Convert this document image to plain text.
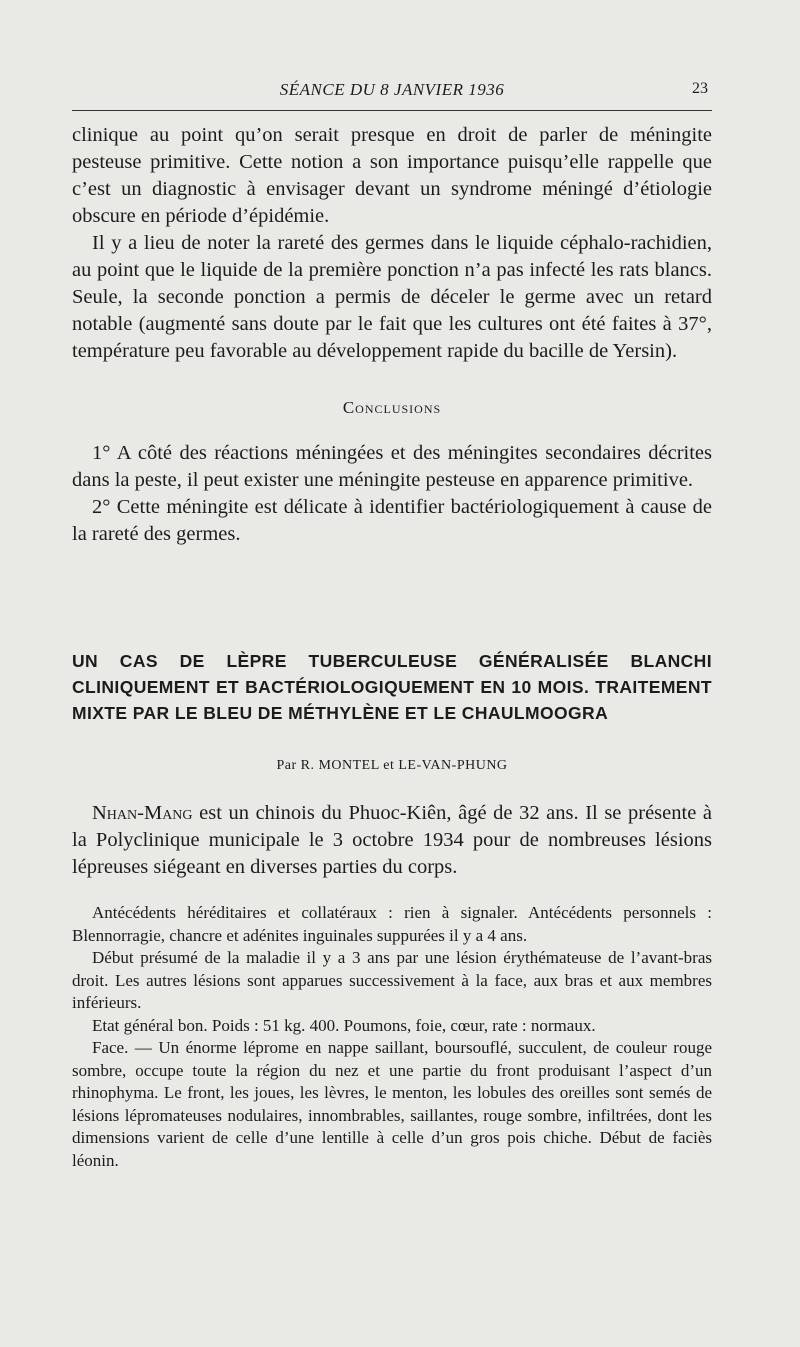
SÉANCE DU 8 JANVIER 1936	23

clinique au point qu’on serait presque en droit de parler de méningite pesteuse primitive. Cette notion a son importance puisqu’elle rappelle que c’est un diagnostic à envisager devant un syndrome méningé d’étiologie obscure en période d’épidémie.

Il y a lieu de noter la rareté des germes dans le liquide céphalo-rachidien, au point que le liquide de la première ponction n’a pas infecté les rats blancs. Seule, la seconde ponction a permis de déceler le germe avec un retard notable (augmenté sans doute par le fait que les cultures ont été faites à 37°, température peu favorable au développement rapide du bacille de Yersin).

Conclusions

1° A côté des réactions méningées et des méningites secondaires décrites dans la peste, il peut exister une méningite pesteuse en apparence primitive.

2° Cette méningite est délicate à identifier bactériologiquement à cause de la rareté des germes.

UN CAS DE LÈPRE TUBERCULEUSE GÉNÉRALISÉE BLANCHI CLINIQUEMENT ET BACTÉRIOLOGIQUEMENT EN 10 MOIS. TRAITEMENT MIXTE PAR LE BLEU DE MÉTHYLÈNE ET LE CHAULMOOGRA
Par R. MONTEL et LE-VAN-PHUNG

Nhan-Mang est un chinois du Phuoc-Kiên, âgé de 32 ans. Il se présente à la Polyclinique municipale le 3 octobre 1934 pour de nombreuses lésions lépreuses siégeant en diverses parties du corps.

Antécédents héréditaires et collatéraux : rien à signaler. Antécédents personnels : Blennorragie, chancre et adénites inguinales suppurées il y a 4 ans.

Début présumé de la maladie il y a 3 ans par une lésion érythémateuse de l’avant-bras droit. Les autres lésions sont apparues successivement à la face, aux bras et aux membres inférieurs.

Etat général bon. Poids : 51 kg. 400. Poumons, foie, cœur, rate : normaux.

Face. — Un énorme lépromе en nappe saillant, boursouflé, succulent, de couleur rouge sombre, occupe toute la région du nez et une partie du front produisant l’aspect d’un rhinophyma. Le front, les joues, les lèvres, le menton, les lobules des oreilles sont semés de lésions lépromateuses nodulaires, innombrables, saillantes, rouge sombre, infiltrées, dont les dimensions varient de celle d’une lentille à celle d’un gros pois chiche. Début de faciès léonin.
